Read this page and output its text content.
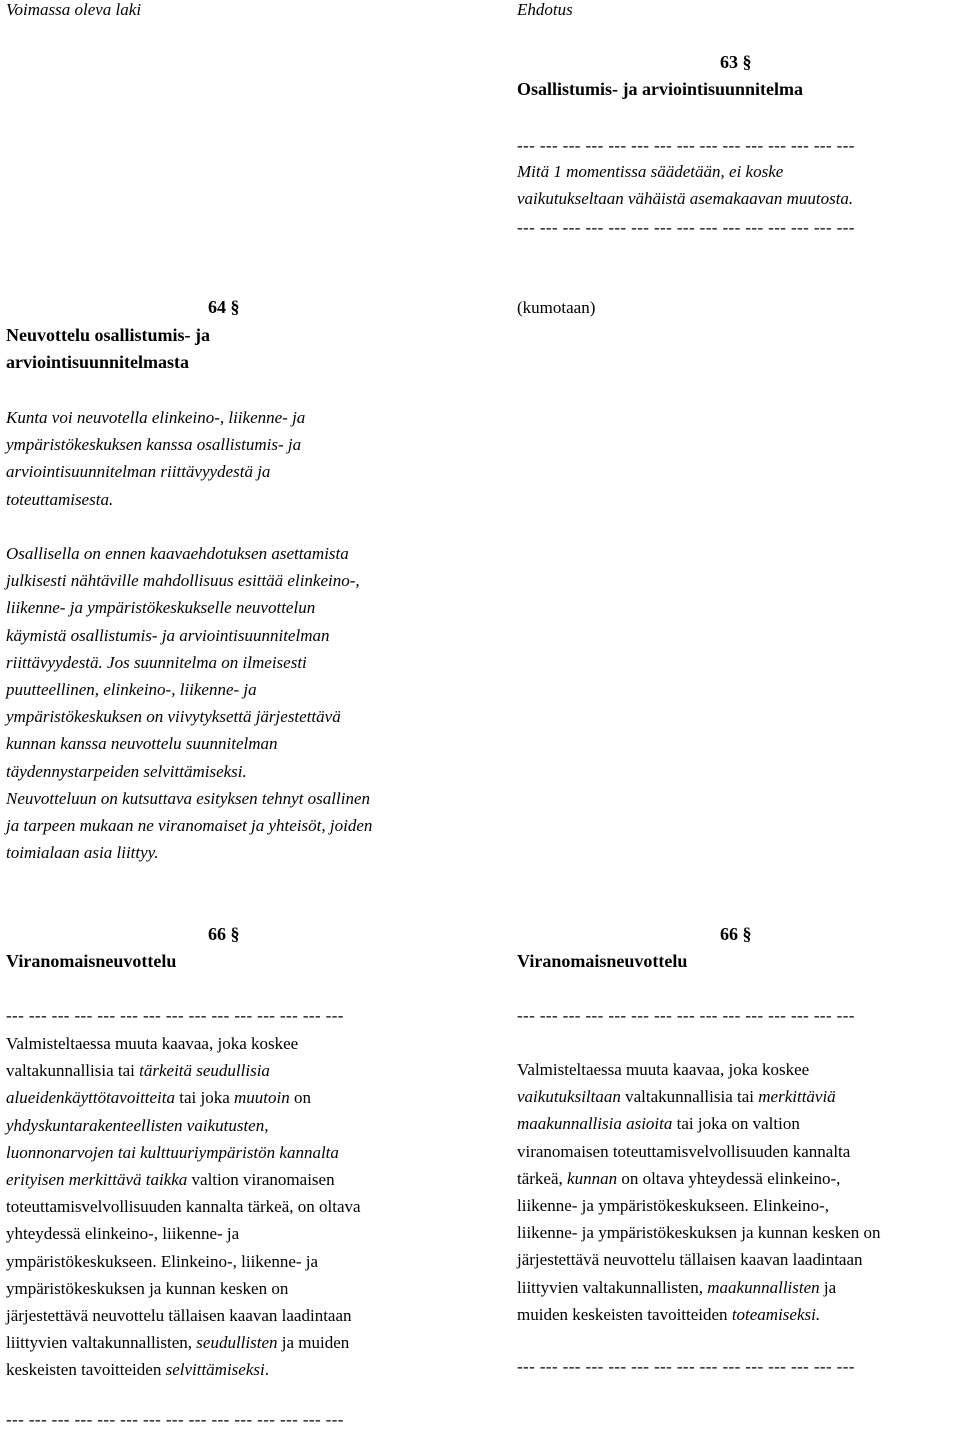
Voimassa oleva laki	Ehdotus
63 §
Osallistumis- ja arviointisuunnitelma
--- --- --- --- --- --- --- --- --- --- --- --- --- --- ---
Mitä 1 momentissa säädetään, ei koske
vaikutukseltaan vähäistä asemakaavan muutosta.
--- --- --- --- --- --- --- --- --- --- --- --- --- --- ---
64 §
Neuvottelu osallistumis- ja
arviointisuunnitelmasta
(kumotaan)
Kunta voi neuvotella elinkeino-, liikenne- ja
ympäristökeskuksen kanssa osallistumis- ja
arviointisuunnitelman riittävyydestä ja
toteuttamisesta.
Osallisella on ennen kaavaehdotuksen asettamista
julkisesti nähtäville mahdollisuus esittää elinkeino-,
liikenne- ja ympäristökeskukselle neuvottelun
käymistä osallistumis- ja arviointisuunnitelman
riittävyydestä. Jos suunnitelma on ilmeisesti
puutteellinen, elinkeino-, liikenne- ja
ympäristökeskuksen on viivytyksettä järjestettävä
kunnan kanssa neuvottelu suunnitelman
täydennystarpeiden selvittämiseksi.
Neuvotteluun on kutsuttava esityksen tehnyt osallinen
ja tarpeen mukaan ne viranomaiset ja yhteisöt, joiden
toimialaan asia liittyy.
66 §
Viranomaisneuvottelu
--- --- --- --- --- --- --- --- --- --- --- --- --- --- ---
Valmisteltaessa muuta kaavaa, joka koskee
valtakunnallisia tai tärkeitä seudullisia
alueidenkäyttötavoitteita tai joka muutoin on
yhdyskuntarakenteellisten vaikutusten,
luonnonarvojen tai kulttuuriympäristön kannalta
erityisen merkittävä taikka valtion viranomaisen
toteuttamisvelvollisuuden kannalta tärkeä, on oltava
yhteydessä elinkeino-, liikenne- ja
ympäristökeskukseen. Elinkeino-, liikenne- ja
ympäristökeskuksen ja kunnan kesken on
järjestettävä neuvottelu tällaisen kaavan laadintaan
liittyvien valtakunnallisten, seudullisten ja muiden
keskeisten tavoitteiden selvittämiseksi.
--- --- --- --- --- --- --- --- --- --- --- --- --- --- ---
66 §
Viranomaisneuvottelu
--- --- --- --- --- --- --- --- --- --- --- --- --- --- ---
Valmisteltaessa muuta kaavaa, joka koskee
vaikutuksiltaan valtakunnallisia tai merkittäviä
maakunnallisia asioita tai joka on valtion
viranomaisen toteuttamisvelvollisuuden kannalta
tärkeä, kunnan on oltava yhteydessä elinkeino-,
liikenne- ja ympäristökeskukseen. Elinkeino-,
liikenne- ja ympäristökeskuksen ja kunnan kesken on
järjestettävä neuvottelu tällaisen kaavan laadintaan
liittyvien valtakunnallisten, maakunnallisten ja
muiden keskeisten tavoitteiden toteamiseksi.
--- --- --- --- --- --- --- --- --- --- --- --- --- --- ---
